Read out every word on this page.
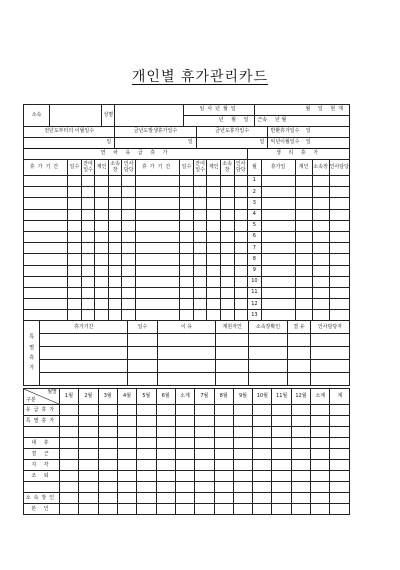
개인별 휴가관리카드
소속		성명		임사년월일	월 일 현재
				년 월 일	근속 년 월
전년도부터의 이월일수	금년도발생휴가일수	금년도휴가일수	반환휴가일수 일
일	일	일	익년이월일수 일
연 차 유 급 휴 가												생 리 휴 가				
휴가기간	일수	잔여일수	계인	소속장	인사담당	휴가기간	일수	잔여일수	계인	소속장	인사담당	월	휴가일	계인	소속장	인사담당
												1				
												2				
												3				
												4				
												5				
												6				
												7				
												8				
												9				
												10				
												11				
												12				
												13				
특
별
휴
가	휴가기간	일수	이 유	계원자인	소속장확인	결 유	인사담당자

월별
구분	1월	2월	3월	4월	5월	6월	소계	7월	8월	9월	10월	11월	12월	소계	계
유급휴가															
특별휴가															

대 휴															
결 근															
지 각															
조 퇴															

소속장인															
본 인															
